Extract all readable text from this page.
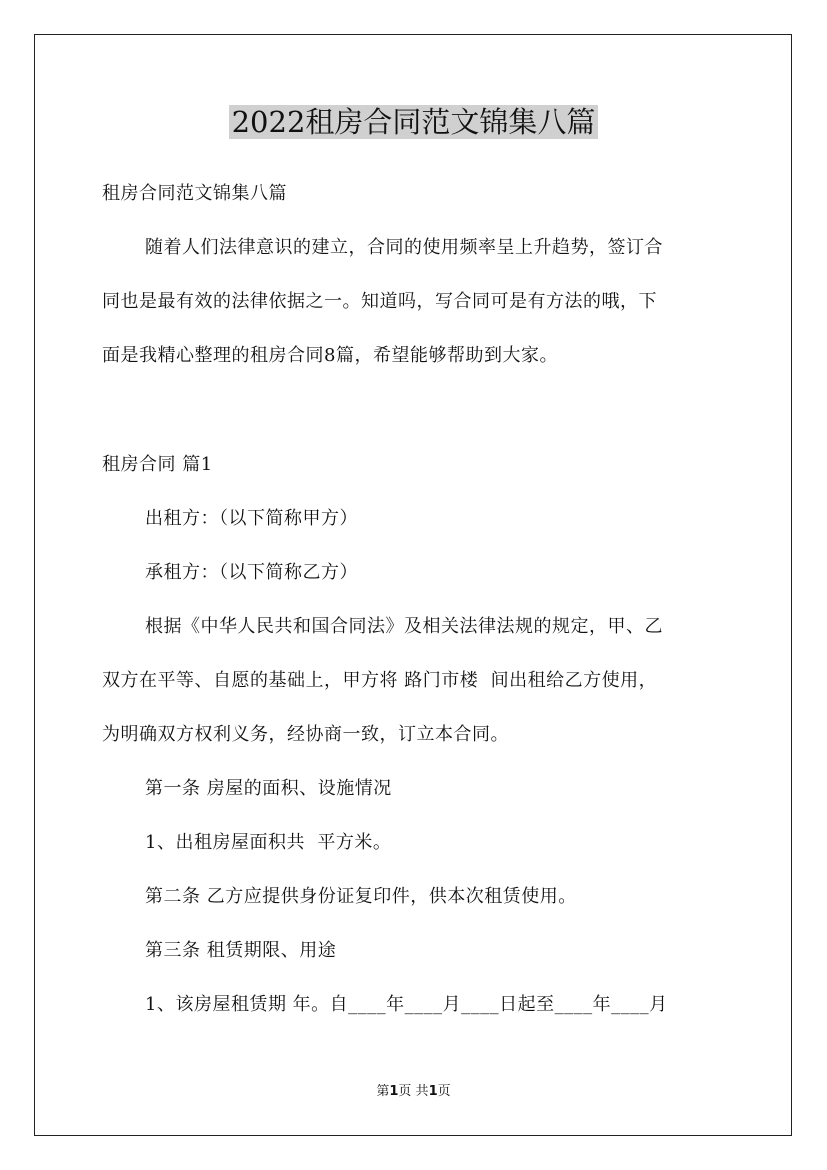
2022租房合同范文锦集八篇
租房合同范文锦集八篇
随着人们法律意识的建立，合同的使用频率呈上升趋势，签订合
同也是最有效的法律依据之一。知道吗，写合同可是有方法的哦，下
面是我精心整理的租房合同8篇，希望能够帮助到大家。
租房合同 篇1
出租方：（以下简称甲方）
承租方：（以下简称乙方）
根据《中华人民共和国合同法》及相关法律法规的规定，甲、乙
双方在平等、自愿的基础上，甲方将 路门市楼  间出租给乙方使用，
为明确双方权利义务，经协商一致，订立本合同。
第一条 房屋的面积、设施情况
1、出租房屋面积共  平方米。
第二条 乙方应提供身份证复印件，供本次租赁使用。
第三条 租赁期限、用途
1、该房屋租赁期 年。自____年____月____日起至____年____月
第1页 共1页
